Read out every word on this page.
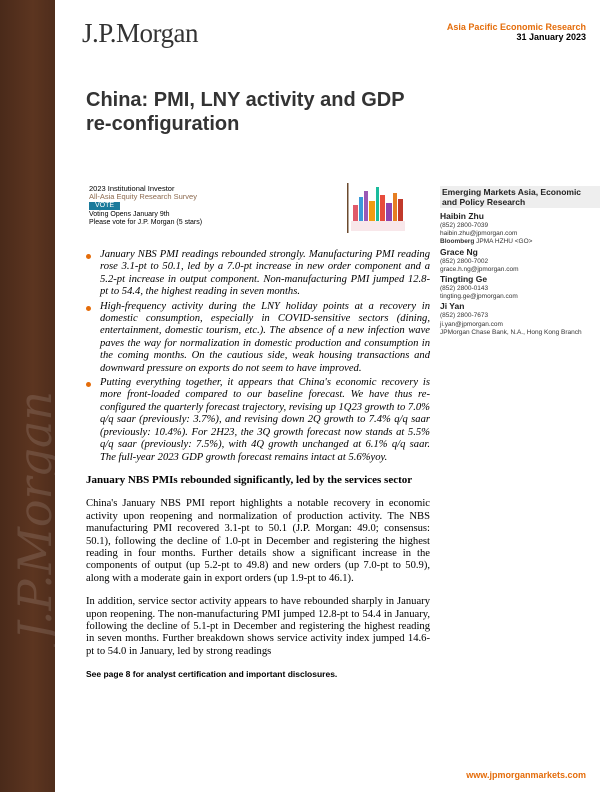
J.P.Morgan
J.P.Morgan	Asia Pacific Economic Research
31 January 2023
China: PMI, LNY activity and GDP re-configuration
2023 Institutional Investor
All-Asia Equity Research Survey
VOTE
Voting Opens January 9th
Please vote for J.P. Morgan (5 stars)
Emerging Markets Asia, Economic and Policy Research
Haibin Zhu
(852) 2800-7039
haibin.zhu@jpmorgan.com
Bloomberg JPMA HZHU <GO>
Grace Ng
(852) 2800-7002
grace.h.ng@jpmorgan.com
Tingting Ge
(852) 2800-0143
tingting.ge@jpmorgan.com
Ji Yan
(852) 2800-7673
ji.yan@jpmorgan.com
JPMorgan Chase Bank, N.A., Hong Kong Branch
January NBS PMI readings rebounded strongly. Manufacturing PMI reading rose 3.1-pt to 50.1, led by a 7.0-pt increase in new order component and a 5.2-pt increase in output component. Non-manufacturing PMI jumped 12.8-pt to 54.4, the highest reading in seven months.
High-frequency activity during the LNY holiday points at a recovery in domestic consumption, especially in COVID-sensitive sectors (dining, entertainment, domestic tourism, etc.). The absence of a new infection wave paves the way for normalization in domestic production and consumption in the coming months. On the cautious side, weak housing transactions and downward pressure on exports do not seem to have improved.
Putting everything together, it appears that China's economic recovery is more front-loaded compared to our baseline forecast. We have thus re-configured the quarterly forecast trajectory, revising up 1Q23 growth to 7.0% q/q saar (previously: 3.7%), and revising down 2Q growth to 7.4% q/q saar (previously: 10.4%). For 2H23, the 3Q growth forecast now stands at 5.5% q/q saar (previously: 7.5%), with 4Q growth unchanged at 6.1% q/q saar. The full-year 2023 GDP growth forecast remains intact at 5.6%yoy.
January NBS PMIs rebounded significantly, led by the services sector

China's January NBS PMI report highlights a notable recovery in economic activity upon reopening and normalization of production activity. The NBS manufacturing PMI recovered 3.1-pt to 50.1 (J.P. Morgan: 49.0; consensus: 50.1), following the decline of 1.0-pt in December and registering the highest reading in four months. Further details show a significant increase in the components of output (up 5.2-pt to 49.8) and new orders (up 7.0-pt to 50.9), along with a moderate gain in export orders (up 1.9-pt to 46.1).

In addition, service sector activity appears to have rebounded sharply in January upon reopening. The non-manufacturing PMI jumped 12.8-pt to 54.4 in January, following the decline of 5.1-pt in December and registering the highest reading in seven months. Further breakdown shows service activity index jumped 14.6-pt to 54.0 in January, led by strong readings

See page 8 for analyst certification and important disclosures.
www.jpmorganmarkets.com
